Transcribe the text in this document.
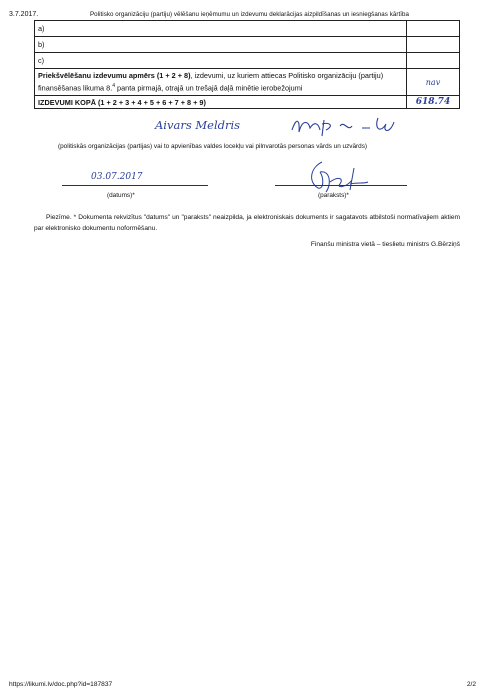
3.7.2017.	Politisko organizāciju (partiju) vēlēšanu ieņēmumu un izdevumu deklarācijas aizpildīšanas un iesniegšanas kārtība
a)	
b)	
c)	
Priekšvēlēšanu izdevumu apmērs (1 + 2 + 8), izdevumi, uz kuriem attiecas Politisko organizāciju (partiju)
finansēšanas likuma 8.$^4$ panta pirmajā, otrajā un trešajā daļā minētie ierobežojumi	nav
IZDEVUMI KOPĀ (1 + 2 + 3 + 4 + 5 + 6 + 7 + 8 + 9)	618.74
Aivars Meldris
(politiskās organizācijas (partijas) vai to apvienības valdes locekļu vai pilnvarotās personas vārds un uzvārds)
03.07.2017
(datums)*	(paraksts)*
Piezīme. * Dokumenta rekvizītus "datums" un "paraksts" neaizpilda, ja elektroniskais dokuments ir sagatavots atbilstoši normatīvajiem aktiem par elektronisko dokumentu noformēšanu.
Finanšu ministra vietā – tieslietu ministrs G.Bērziņš
https://likumi.lv/doc.php?id=187837	2/2
